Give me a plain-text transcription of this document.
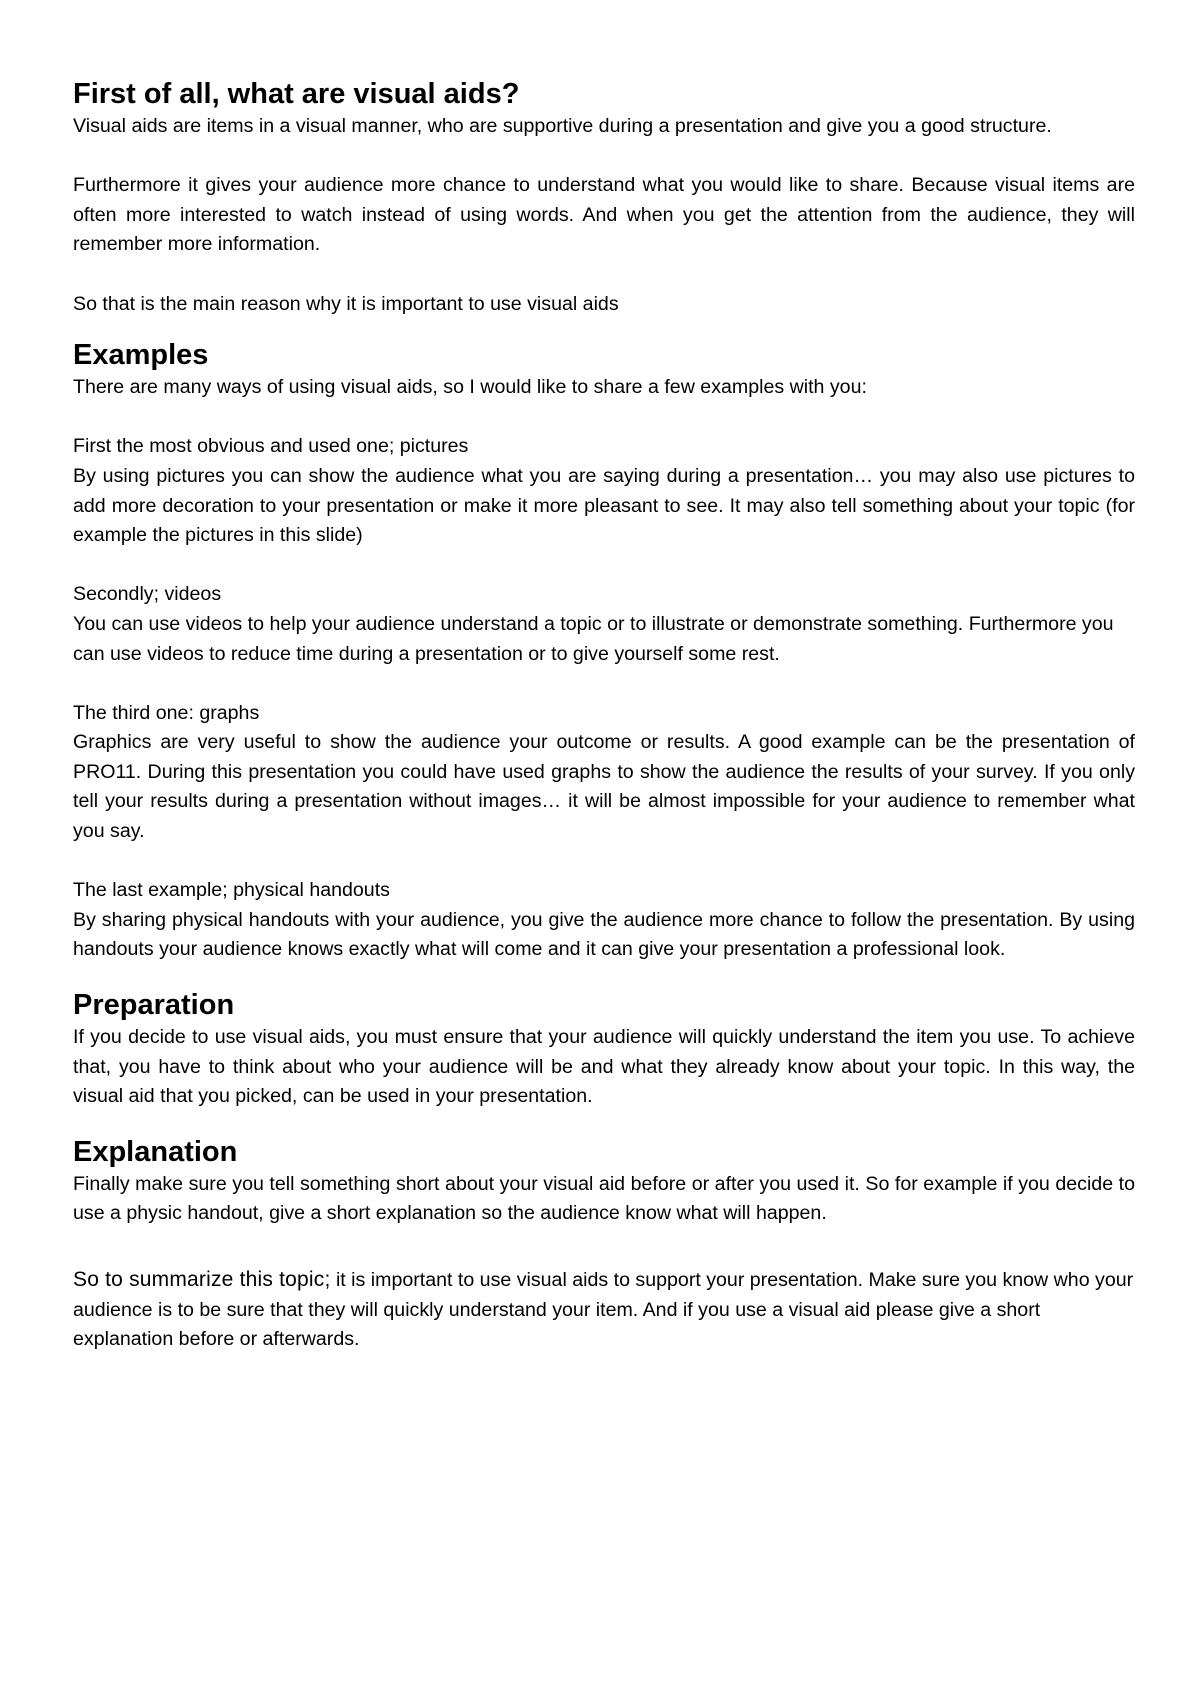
First of all, what are visual aids?

Visual aids are items in a visual manner, who are supportive during a presentation and give you a good structure.

Furthermore it gives your audience more chance to understand what you would like to share. Because visual items are often more interested to watch instead of using words. And when you get the attention from the audience, they will remember more information.

So that is the main reason why it is important to use visual aids

Examples

There are many ways of using visual aids, so I would like to share a few examples with you:

First the most obvious and used one; pictures

By using pictures you can show the audience what you are saying during a presentation… you may also use pictures to add more decoration to your presentation or make it more pleasant to see. It may also tell something about your topic (for example the pictures in this slide)

Secondly; videos

You can use videos to help your audience understand a topic or to illustrate or demonstrate something. Furthermore you can use videos to reduce time during a presentation or to give yourself some rest.

The third one: graphs

Graphics are very useful to show the audience your outcome or results. A good example can be the presentation of PRO11. During this presentation you could have used graphs to show the audience the results of your survey. If you only tell your results during a presentation without images… it will be almost impossible for your audience to remember what you say.

The last example; physical handouts

By sharing physical handouts with your audience, you give the audience more chance to follow the presentation. By using handouts your audience knows exactly what will come and it can give your presentation a professional look.

Preparation

If you decide to use visual aids, you must ensure that your audience will quickly understand the item you use. To achieve that, you have to think about who your audience will be and what they already know about your topic. In this way, the visual aid that you picked, can be used in your presentation.

Explanation

Finally make sure you tell something short about your visual aid before or after you used it. So for example if you decide to use a physic handout, give a short explanation so the audience know what will happen.

So to summarize this topic; it is important to use visual aids to support your presentation. Make sure you know who your audience is to be sure that they will quickly understand your item. And if you use a visual aid please give a short explanation before or afterwards.
